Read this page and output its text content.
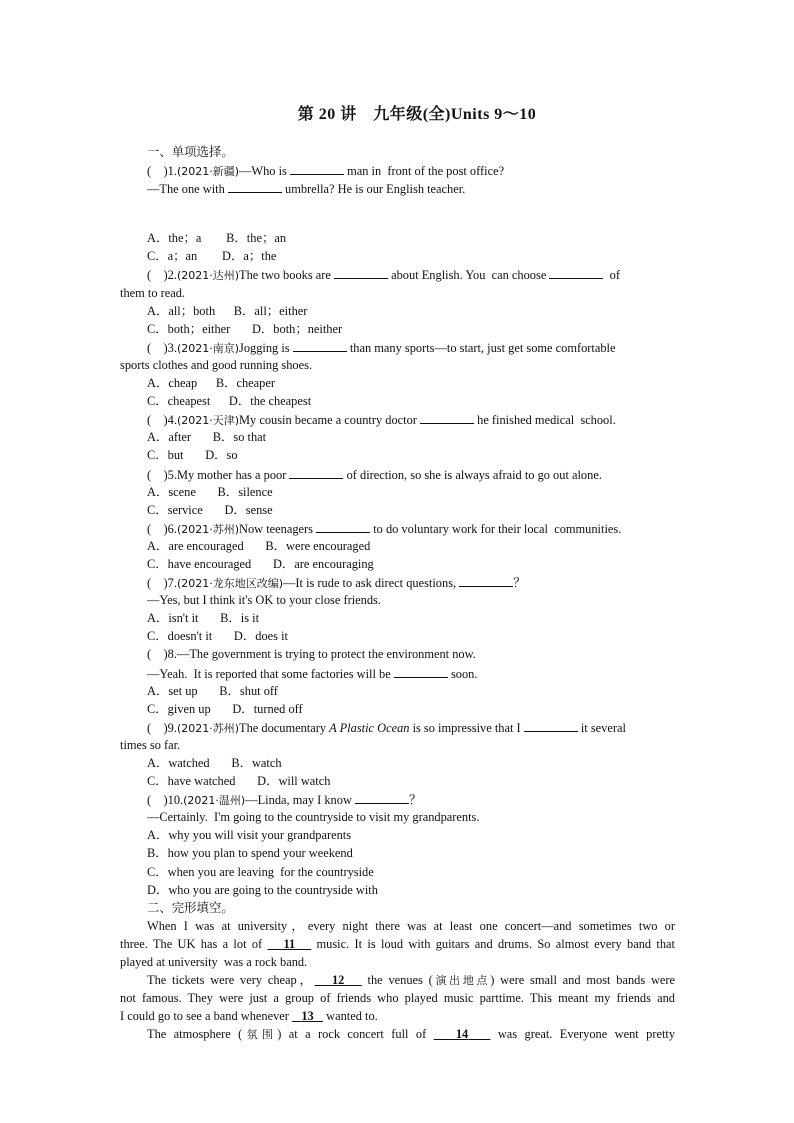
第 20 讲　九年级(全)Units 9～10
一、单项选择。
(　)1.(2021·新疆)—Who is	man in  front of the post office?
—The one with	umbrella? He is our English teacher.
A．the；a B．the；an
C．a；an D．a；the
(　)2.(2021·达州)The two books are	about English. You  can choose	of
them to read.
A．all；both B．all；either
C．both；either D．both；neither
(　)3.(2021·南京)Jogging is	than many sports—to start, just get some comfortable
sports clothes and good running shoes.
A．cheap B．cheaper
C．cheapest D．the cheapest
(　)4.(2021·天津)My cousin became a country doctor	he finished medical  school.
A．after B．so that
C．but D．so
(　)5.My mother has a poor	of direction, so she is always afraid to go out alone.
A．scene B．silence
C．service D．sense
(　)6.(2021·苏州)Now teenagers	to do voluntary work for their local  communities.
A．are encouraged B．were encouraged
C．have encouraged D．are encouraging
(　)7.(2021·龙东地区改编)—It is rude to ask direct questions,	？
—Yes, but I think it's OK to your close friends.
A．isn't it B．is it
C．doesn't it D．does it
(　)8.—The government is trying to protect the environment now.
—Yeah.  It is reported that some factories will be	soon.
A．set up B．shut off
C．given up D．turned off
(　)9.(2021·苏州)The documentary A Plastic Ocean is so impressive that I	it several
times so far.
A．watched B．watch
C．have watched D．will watch
(　)10.(2021·温州)—Linda, may I know	？
—Certainly.  I'm going to the countryside to visit my grandparents.
A．why you will visit your grandparents
B．how you plan to spend your weekend
C．when you are leaving  for the countryside
D．who you are going to the countryside with
二、完形填空。
When I was at university，every night there was at least one concert—and sometimes two or
three. The UK has a lot of 11 music. It is loud with guitars and drums. So almost every band that
played at university  was a rock band.
The tickets were very cheap， 12 the venues (演出地点) were small and most bands were
not famous. They were just a group of friends who played music parttime. This meant my friends and
I could go to see a band whenever 13 wanted to.
The atmosphere (氛围) at a rock concert full of 14 was great. Everyone went pretty
